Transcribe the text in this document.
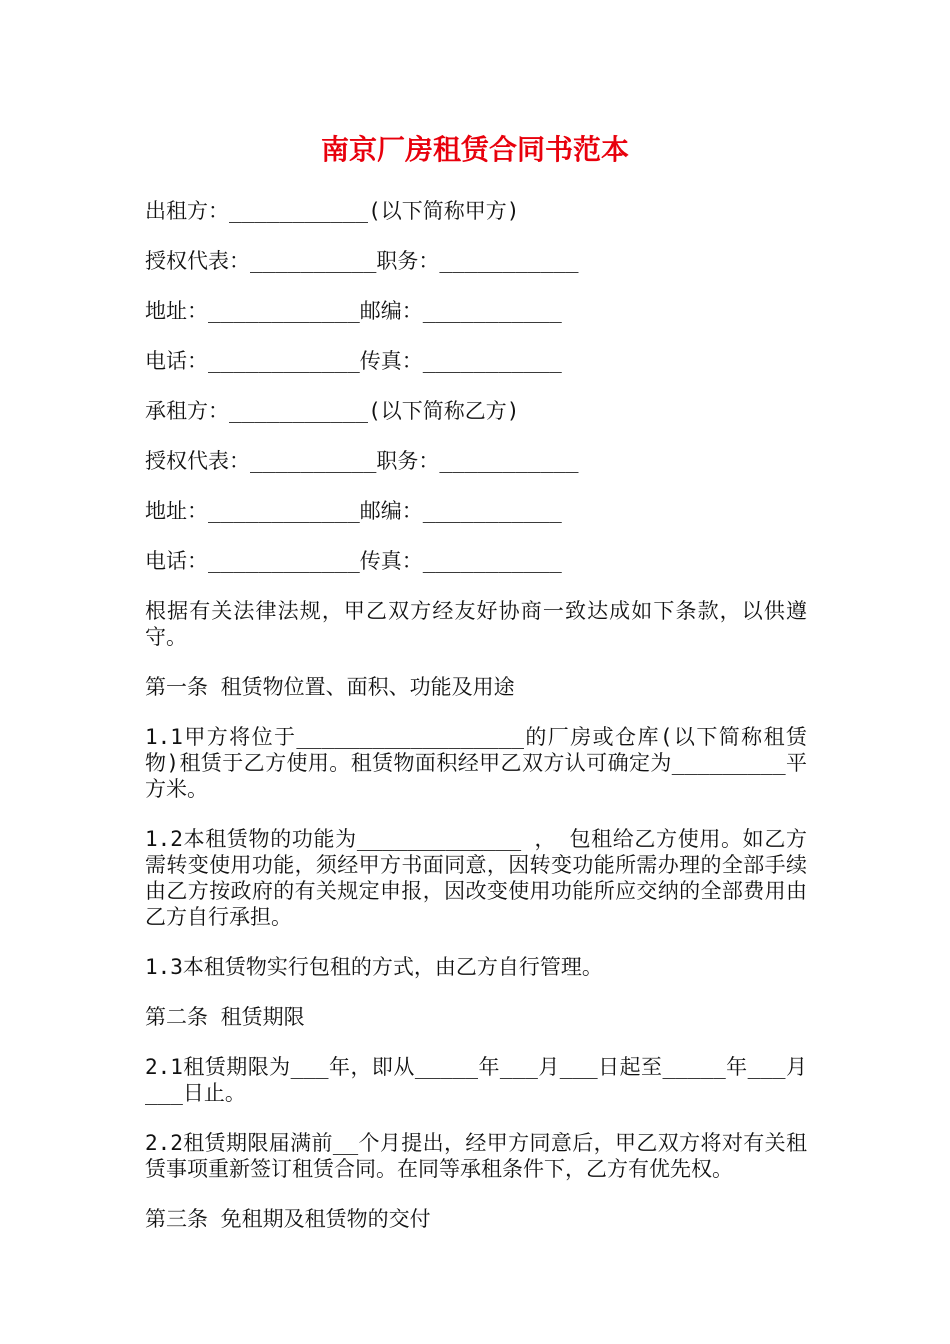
南京厂房租赁合同书范本

出租方：___________(以下简称甲方)

授权代表：__________职务：___________

地址：____________邮编：___________

电话：____________传真：___________

承租方：___________(以下简称乙方)

授权代表：__________职务：___________

地址：____________邮编：___________

电话：____________传真：___________

根据有关法律法规，甲乙双方经友好协商一致达成如下条款，以供遵守。

第一条 租赁物位置、面积、功能及用途

1.1甲方将位于__________________的厂房或仓库(以下简称租赁物)租赁于乙方使用。租赁物面积经甲乙双方认可确定为_________平方米。

1.2本租赁物的功能为_____________ ， 包租给乙方使用。如乙方需转变使用功能，须经甲方书面同意，因转变功能所需办理的全部手续由乙方按政府的有关规定申报，因改变使用功能所应交纳的全部费用由乙方自行承担。

1.3本租赁物实行包租的方式，由乙方自行管理。

第二条 租赁期限

2.1租赁期限为___年，即从_____年___月___日起至_____年___月___日止。

2.2租赁期限届满前__个月提出，经甲方同意后，甲乙双方将对有关租赁事项重新签订租赁合同。在同等承租条件下，乙方有优先权。

第三条 免租期及租赁物的交付
